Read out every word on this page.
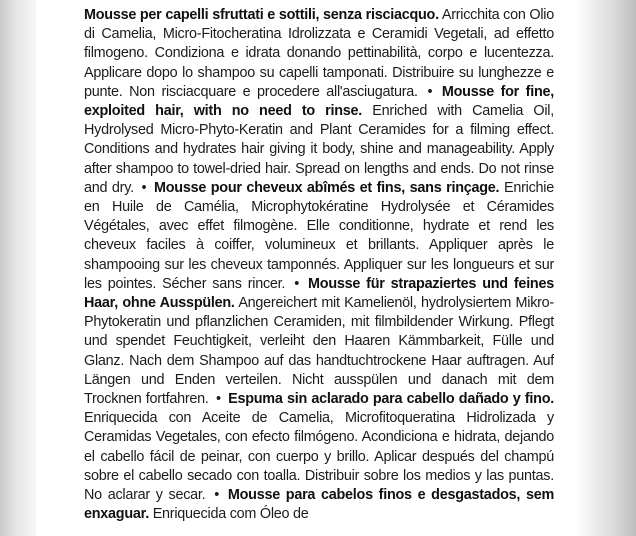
Mousse per capelli sfruttati e sottili, senza risciacquo. Arricchita con Olio di Camelia, Micro-Fitocheratina Idrolizzata e Ceramidi Vegetali, ad effetto filmogeno. Condiziona e idrata donando pettinabilità, corpo e lucentezza. Applicare dopo lo shampoo su capelli tamponati. Distribuire su lunghezze e punte. Non risciacquare e procedere all'asciugatura. • Mousse for fine, exploited hair, with no need to rinse. Enriched with Camelia Oil, Hydrolysed Micro-Phyto-Keratin and Plant Ceramides for a filming effect. Conditions and hydrates hair giving it body, shine and manageability. Apply after shampoo to towel-dried hair. Spread on lengths and ends. Do not rinse and dry. • Mousse pour cheveux abîmés et fins, sans rinçage. Enrichie en Huile de Camélia, Microphytokératine Hydrolysée et Céramides Végétales, avec effet filmogène. Elle conditionne, hydrate et rend les cheveux faciles à coiffer, volumineux et brillants. Appliquer après le shampooing sur les cheveux tamponnés. Appliquer sur les longueurs et sur les pointes. Sécher sans rincer. • Mousse für strapaziertes und feines Haar, ohne Ausspülen. Angereichert mit Kamelienöl, hydrolysiertem Mikro-Phytokeratin und pflanzlichen Ceramiden, mit filmbildender Wirkung. Pflegt und spendet Feuchtigkeit, verleiht den Haaren Kämmbarkeit, Fülle und Glanz. Nach dem Shampoo auf das handtuchtrockene Haar auftragen. Auf Längen und Enden verteilen. Nicht ausspülen und danach mit dem Trocknen fortfahren. • Espuma sin aclarado para cabello dañado y fino. Enriquecida con Aceite de Camelia, Microfitoqueratina Hidrolizada y Ceramidas Vegetales, con efecto filmógeno. Acondiciona e hidrata, dejando el cabello fácil de peinar, con cuerpo y brillo. Aplicar después del champú sobre el cabello secado con toalla. Distribuir sobre los medios y las puntas. No aclarar y secar. • Mousse para cabelos finos e desgastados, sem enxaguar. Enriquecida com Óleo de
